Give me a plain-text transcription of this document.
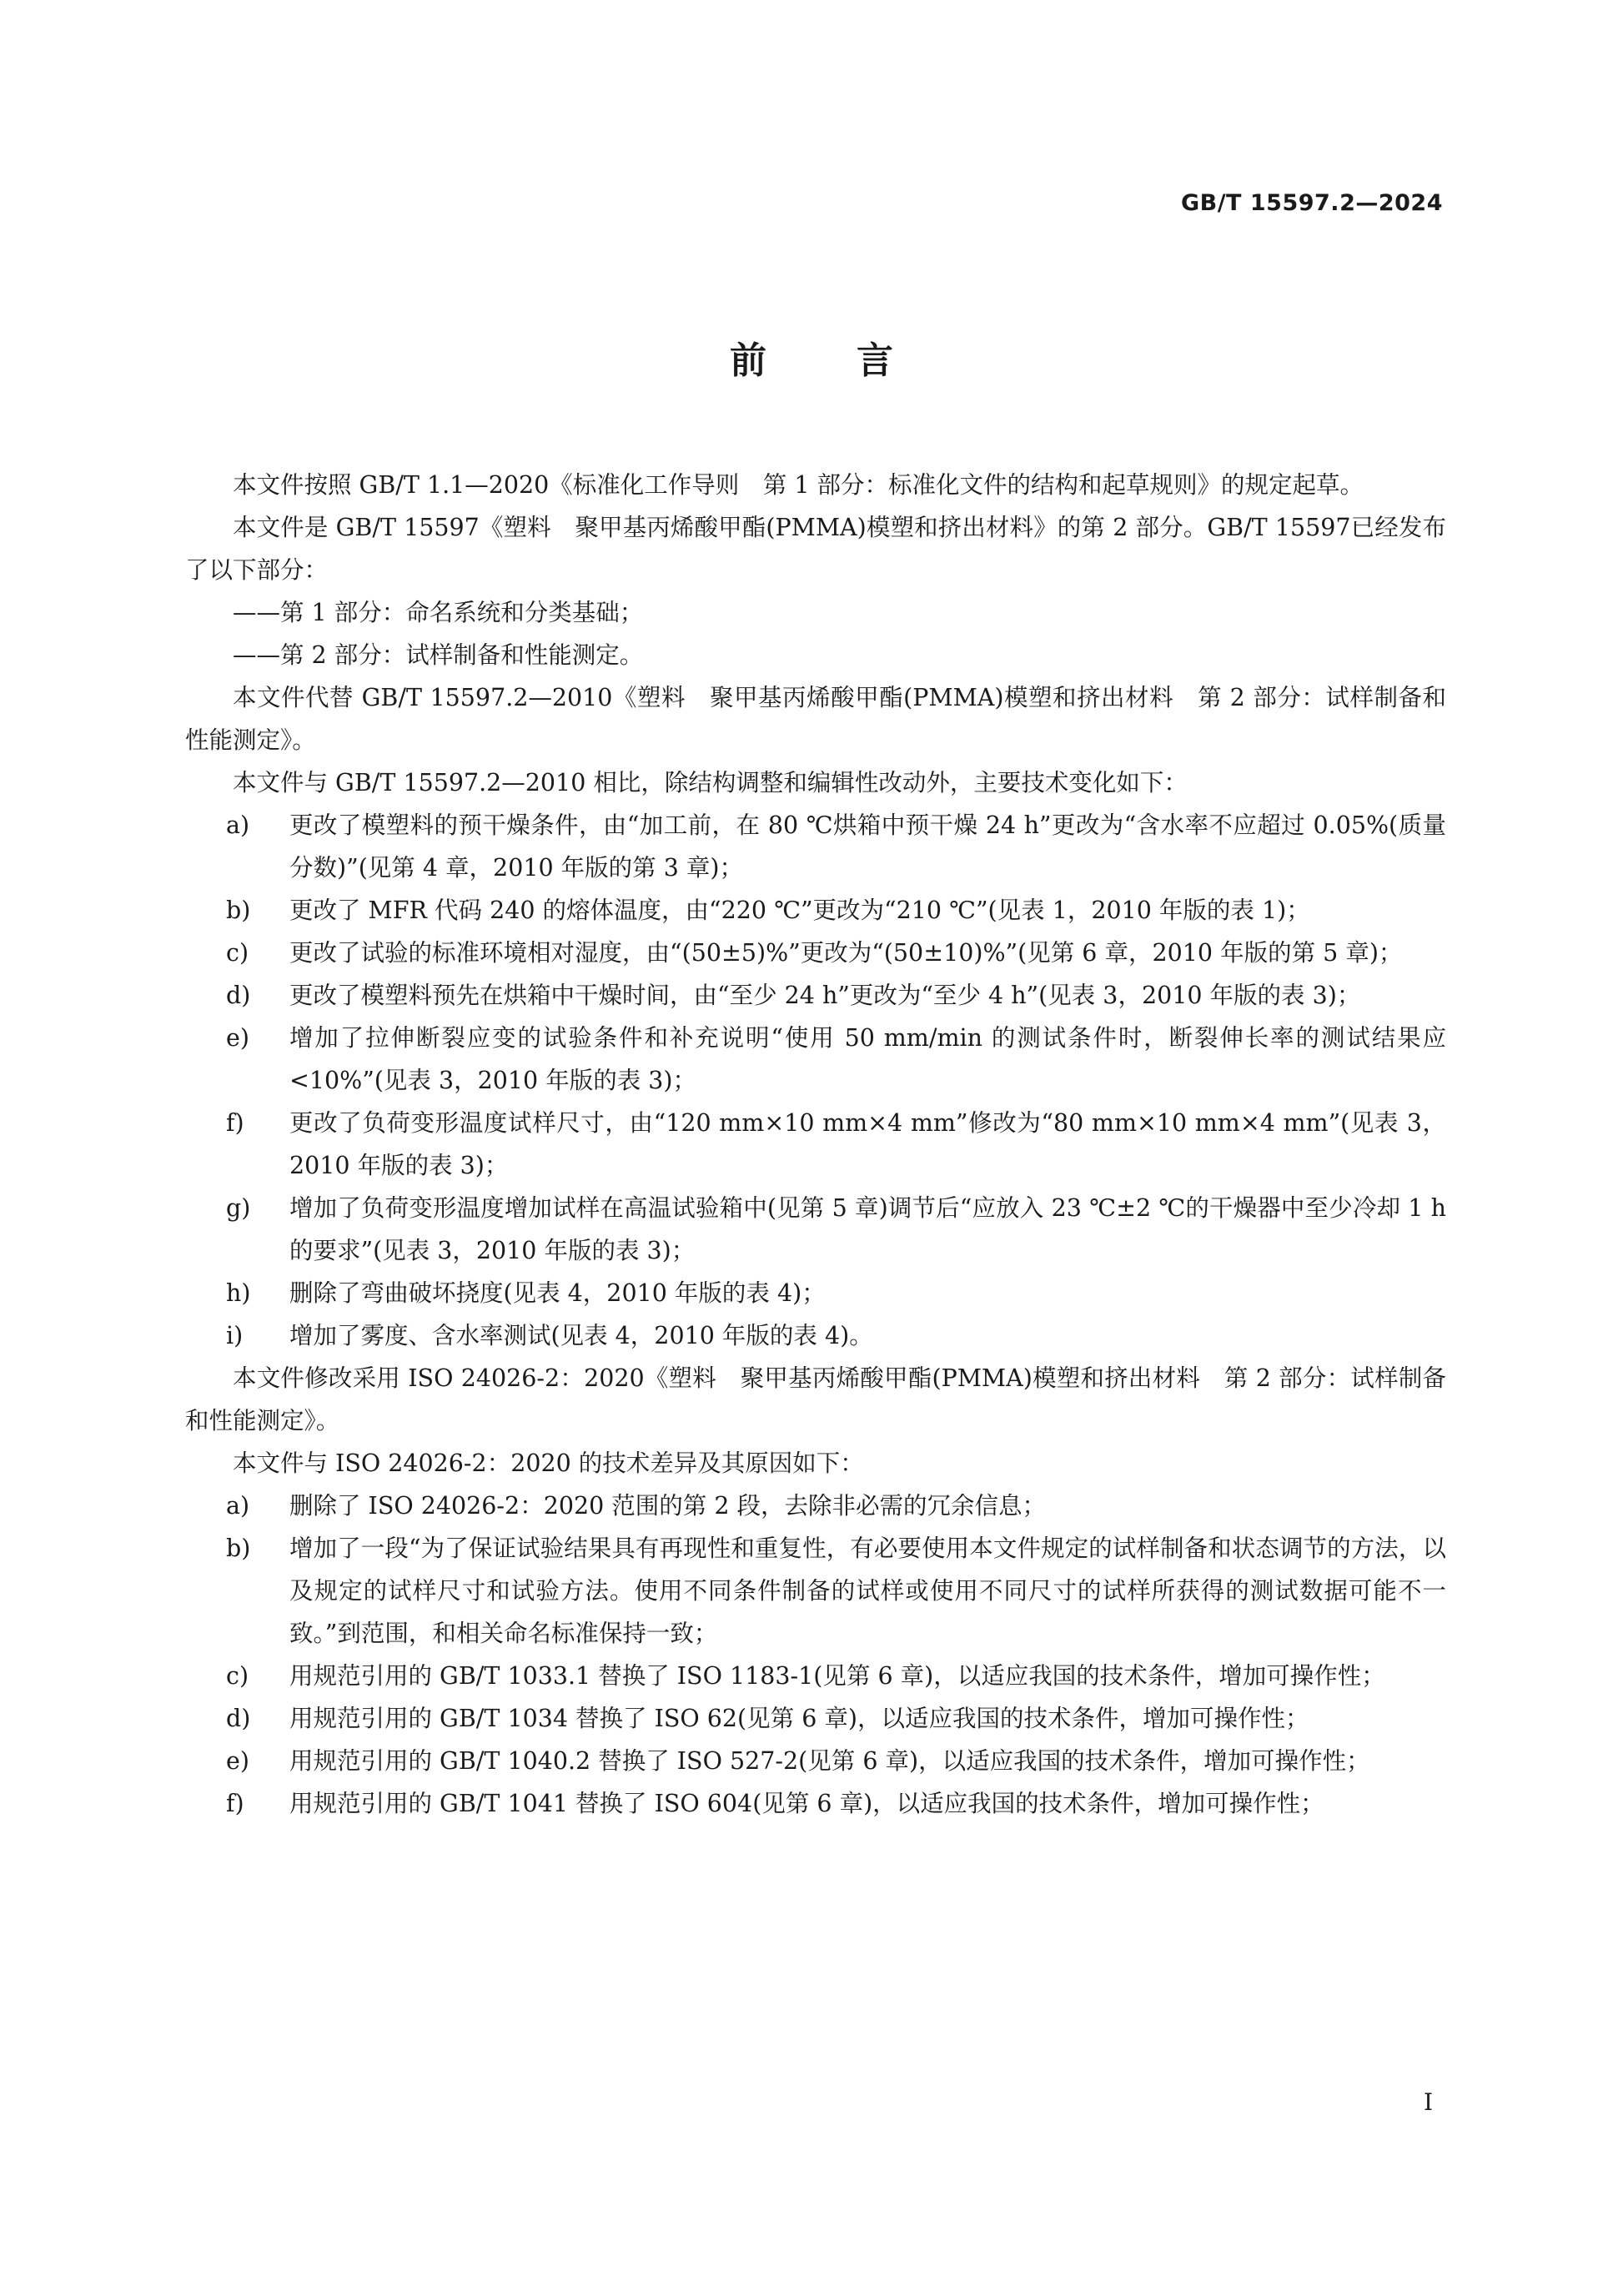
GB/T 15597.2—2024
前言

本文件按照 GB/T 1.1—2020《标准化工作导则　第 1 部分：标准化文件的结构和起草规则》的规定起草。

本文件是 GB/T 15597《塑料　聚甲基丙烯酸甲酯(PMMA)模塑和挤出材料》的第 2 部分。GB/T 15597已经发布了以下部分：

——第 1 部分：命名系统和分类基础；

——第 2 部分：试样制备和性能测定。

本文件代替 GB/T 15597.2—2010《塑料　聚甲基丙烯酸甲酯(PMMA)模塑和挤出材料　第 2 部分：试样制备和性能测定》。

本文件与 GB/T 15597.2—2010 相比，除结构调整和编辑性改动外，主要技术变化如下：

a) 更改了模塑料的预干燥条件，由“加工前，在 80 ℃烘箱中预干燥 24 h”更改为“含水率不应超过 0.05%(质量分数)”(见第 4 章，2010 年版的第 3 章)；

b) 更改了 MFR 代码 240 的熔体温度，由“220 ℃”更改为“210 ℃”(见表 1，2010 年版的表 1)；

c) 更改了试验的标准环境相对湿度，由“(50±5)%”更改为“(50±10)%”(见第 6 章，2010 年版的第 5 章)；

d) 更改了模塑料预先在烘箱中干燥时间，由“至少 24 h”更改为“至少 4 h”(见表 3，2010 年版的表 3)；

e) 增加了拉伸断裂应变的试验条件和补充说明“使用 50 mm/min 的测试条件时，断裂伸长率的测试结果应<10%”(见表 3，2010 年版的表 3)；

f) 更改了负荷变形温度试样尺寸，由“120 mm×10 mm×4 mm”修改为“80 mm×10 mm×4 mm”(见表 3，2010 年版的表 3)；

g) 增加了负荷变形温度增加试样在高温试验箱中(见第 5 章)调节后“应放入 23 ℃±2 ℃的干燥器中至少冷却 1 h 的要求”(见表 3，2010 年版的表 3)；

h) 删除了弯曲破坏挠度(见表 4，2010 年版的表 4)；

i) 增加了雾度、含水率测试(见表 4，2010 年版的表 4)。

本文件修改采用 ISO 24026-2：2020《塑料　聚甲基丙烯酸甲酯(PMMA)模塑和挤出材料　第 2 部分：试样制备和性能测定》。

本文件与 ISO 24026-2：2020 的技术差异及其原因如下：

a) 删除了 ISO 24026-2：2020 范围的第 2 段，去除非必需的冗余信息；

b) 增加了一段“为了保证试验结果具有再现性和重复性，有必要使用本文件规定的试样制备和状态调节的方法，以及规定的试样尺寸和试验方法。使用不同条件制备的试样或使用不同尺寸的试样所获得的测试数据可能不一致。”到范围，和相关命名标准保持一致；

c) 用规范引用的 GB/T 1033.1 替换了 ISO 1183-1(见第 6 章)，以适应我国的技术条件，增加可操作性；

d) 用规范引用的 GB/T 1034 替换了 ISO 62(见第 6 章)，以适应我国的技术条件，增加可操作性；

e) 用规范引用的 GB/T 1040.2 替换了 ISO 527-2(见第 6 章)，以适应我国的技术条件，增加可操作性；

f) 用规范引用的 GB/T 1041 替换了 ISO 604(见第 6 章)，以适应我国的技术条件，增加可操作性；

I
